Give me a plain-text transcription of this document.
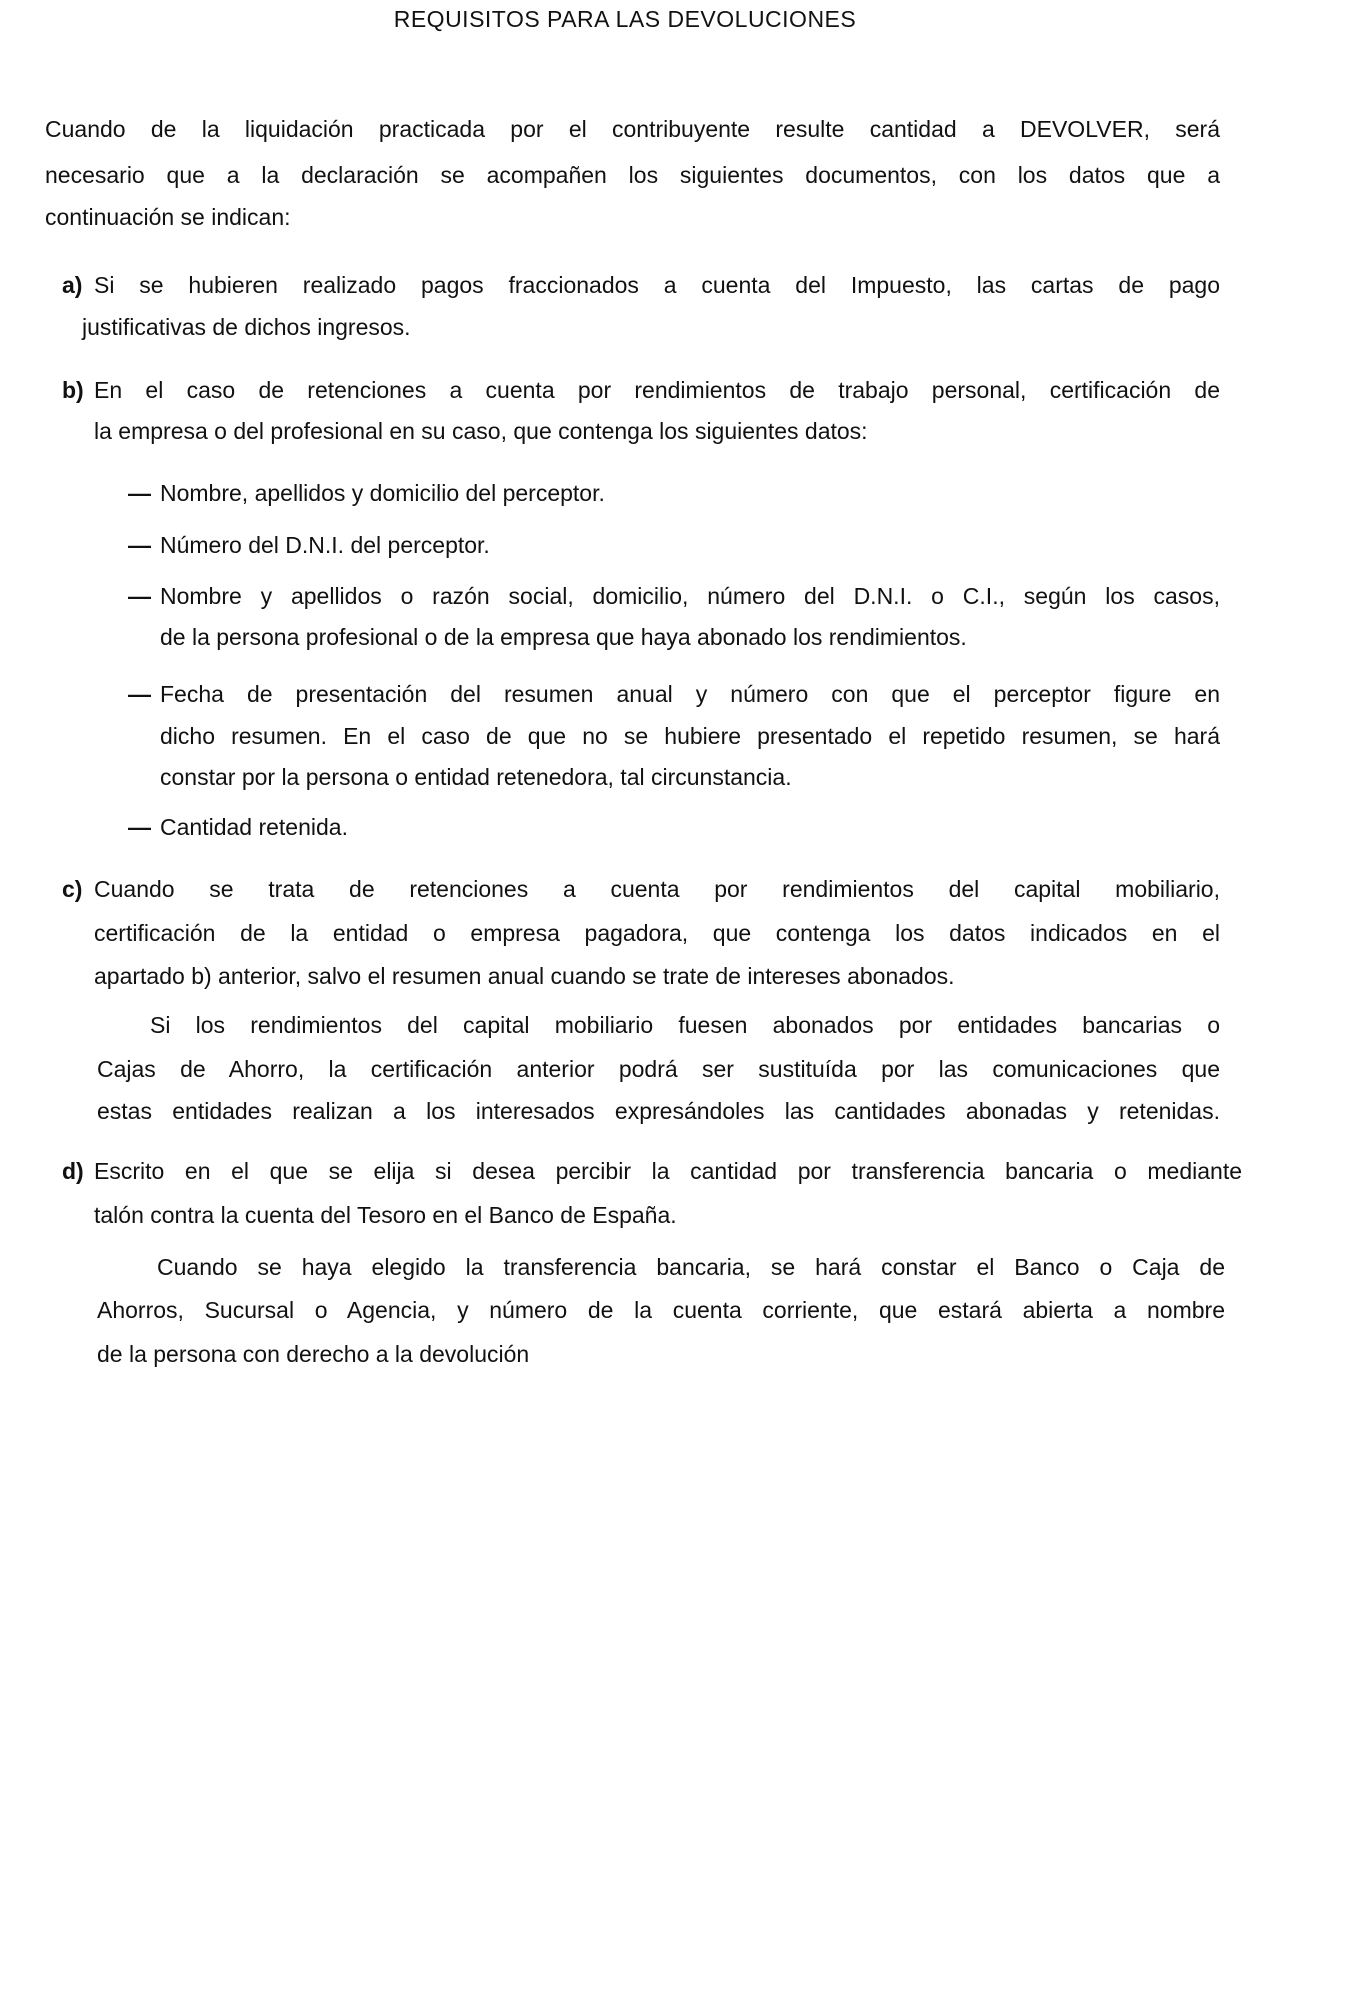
REQUISITOS PARA LAS DEVOLUCIONES
Cuando de la liquidación practicada por el contribuyente resulte cantidad a DEVOLVER, será
necesario que a la declaración se acompañen los siguientes documentos, con los datos que a
continuación se indican:
a) Si se hubieren realizado pagos fraccionados a cuenta del Impuesto, las cartas de pago
justificativas de dichos ingresos.
b) En el caso de retenciones a cuenta por rendimientos de trabajo personal, certificación de
la empresa o del profesional en su caso, que contenga los siguientes datos:
— Nombre, apellidos y domicilio del perceptor.
— Número del D.N.I. del perceptor.
— Nombre y apellidos o razón social, domicilio, número del D.N.I. o C.I., según los casos,
de la persona profesional o de la empresa que haya abonado los rendimientos.
— Fecha de presentación del resumen anual y número con que el perceptor figure en
dicho resumen. En el caso de que no se hubiere presentado el repetido resumen, se hará
constar por la persona o entidad retenedora, tal circunstancia.
— Cantidad retenida.
c) Cuando se trata de retenciones a cuenta por rendimientos del capital mobiliario,
certificación de la entidad o empresa pagadora, que contenga los datos indicados en el
apartado b) anterior, salvo el resumen anual cuando se trate de intereses abonados.
Si los rendimientos del capital mobiliario fuesen abonados por entidades bancarias o
Cajas de Ahorro, la certificación anterior podrá ser sustituída por las comunicaciones que
estas entidades realizan a los interesados expresándoles las cantidades abonadas y retenidas.
d) Escrito en el que se elija si desea percibir la cantidad por transferencia bancaria o mediante
talón contra la cuenta del Tesoro en el Banco de España.
Cuando se haya elegido la transferencia bancaria, se hará constar el Banco o Caja de
Ahorros, Sucursal o Agencia, y número de la cuenta corriente, que estará abierta a nombre
de la persona con derecho a la devolución
